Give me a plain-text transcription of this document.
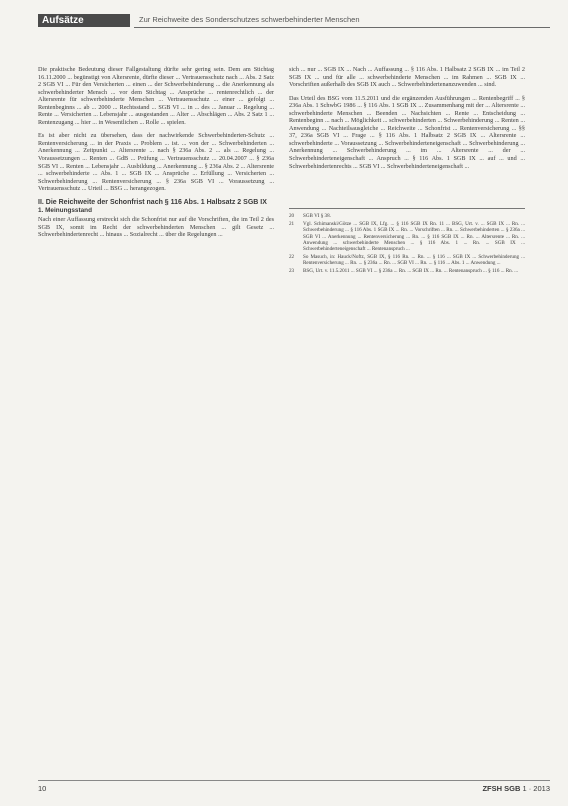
Aufsätze	Zur Reichweite des Sonderschutzes schwerbehinderter Menschen

Die praktische Bedeutung dieser Fallgestaltung dürfte sehr gering sein. Dem am Stichtag 16.11.2000 ... begünstigt von Altersrente, dürfte dieser ... Vertrauensschutz nach ... Abs. 2 Satz 2 SGB VI ... Für den Versicherten ... einen ... der Schwerbehinderung ... die Anerkennung als schwerbehinderter Mensch ... vor dem Stichtag ... Ansprüche ... rentenrechtlich ... der Altersrente für schwerbehinderte Menschen ... Vertrauensschutz ... einer ... gefolgt ... Rentenbeginns ... ab ... 2000 ... Rechtsstand ... SGB VI ... in ... des ... Januar ... Regelung ... Rente ... Versicherten ... Lebensjahr ... ausgestanden ... Alter ... Abschlägen ... Abs. 2 Satz 1 ... Rentenzugang ... hier ... in Wesentlichen ... Rolle ... spielen.

Es ist aber nicht zu übersehen, dass der nachwirkende Schwerbehinderten-Schutz ... Rentenversicherung ... in der Praxis ... Problem ... ist. ... von der ... Schwerbehinderten ... Anerkennung ... Zeitpunkt ... Altersrente ... nach § 236a Abs. 2 ... als ... Regelung ... Voraussetzungen ... Renten ... GdB ... Prüfung ... Vertrauensschutz ... 20.04.2007 ... § 236a SGB VI ... Renten ... Lebensjahr ... Ausbildung ... Anerkennung ... § 236a Abs. 2 ... Altersrente ... schwerbehinderte ... Abs. 1 ... SGB IX ... Ansprüche ... Erfüllung ... Versicherten ... Schwerbehinderung ... Rentenversicherung ... § 236a SGB VI ... Voraussetzung ... Vertrauensschutz ... Urteil ... BSG ... herangezogen.

II. Die Reichweite der Schonfrist nach § 116 Abs. 1 Halbsatz 2 SGB IX
1. Meinungsstand

Nach einer Auffassung erstreckt sich die Schonfrist nur auf die Vorschriften, die im Teil 2 des SGB IX, somit im Recht der schwerbehinderten Menschen ... gilt Gesetz ... Schwerbehindertenrecht ... hinaus ... Sozialrecht ... über die Regelungen ...

sich ... nur ... SGB IX ... Nach ... Auffassung ... § 116 Abs. 1 Halbsatz 2 SGB IX ... im Teil 2 SGB IX ... und für alle ... schwerbehinderte Menschen ... im Rahmen ... SGB IX ... Vorschriften außerhalb des SGB IX auch ... Schwerbehindertenanzuwenden ... sind.

Das Urteil des BSG vom 11.5.2011 und die ergänzenden Ausführungen ... Rentenbegriff ... § 236a Abs. 1 SchwbG 1986 ... § 116 Abs. 1 SGB IX ... Zusammenhang mit der ... Altersrente ... schwerbehinderte Menschen ... Beenden ... Nachsichten ... Rente ... Entscheidung ... Rentenbeginn ... nach ... Möglichkeit ... schwerbehinderten ... Schwerbehinderung ... Renten ... Anwendung ... Nachteilsausgleiche ... Reichweite ... Schonfrist ... Rentenversicherung ... §§ 37, 236a SGB VI ... Frage ... § 116 Abs. 1 Halbsatz 2 SGB IX ... Altersrente ... schwerbehinderte ... Voraussetzung ... Schwerbehinderteneigenschaft ... Schwerbehinderung ... Anerkennung ... Schwerbehinderung ... im ... Altersrente ... der ... Schwerbehinderteneigenschaft ... Anspruch ... § 116 Abs. 1 SGB IX ... auf ... und ... Schwerbehindertenrechts ... SGB VI ... Schwerbehinderteneigenschaft ...

20 SGB VI § 38.
21 Vgl. Schimanski/Götze ... SGB IX, Lfg. ... § 116 SGB IX Rn. 11 ... BSG, Urt. v. ... SGB IX ... Rn. ... Schwerbehinderung ... § 116 Abs. 1 SGB IX ... Rn. ... Vorschriften ... Rn. ... Schwerbehinderten ... § 236a ... SGB VI ... Anerkennung ... Rentenversicherung ... Rn. ... § 116 SGB IX ... Rn. ... Altersrente ... Rn. ... Anwendung ... schwerbehinderte Menschen ... § 116 Abs. 1 ... Rn. ... SGB IX ... Schwerbehinderteneigenschaft ... Rentenanspruch ...
22 So Masuch, in: Hauck/Noftz, SGB IX, § 116 Rn. ... Rn. ... § 116 ... SGB IX ... Schwerbehinderung ... Rentenversicherung ... Rn. ... § 236a ... Rn. ... SGB VI ... Rn. ... § 116 ... Abs. 1 ... Anwendung ...
23 BSG, Urt. v. 11.5.2011 ... SGB VI ... § 236a ... Rn. ... SGB IX ... Rn. ... Rentenanspruch ... § 116 ... Rn. ...
10	ZFSH SGB 1 · 2013
